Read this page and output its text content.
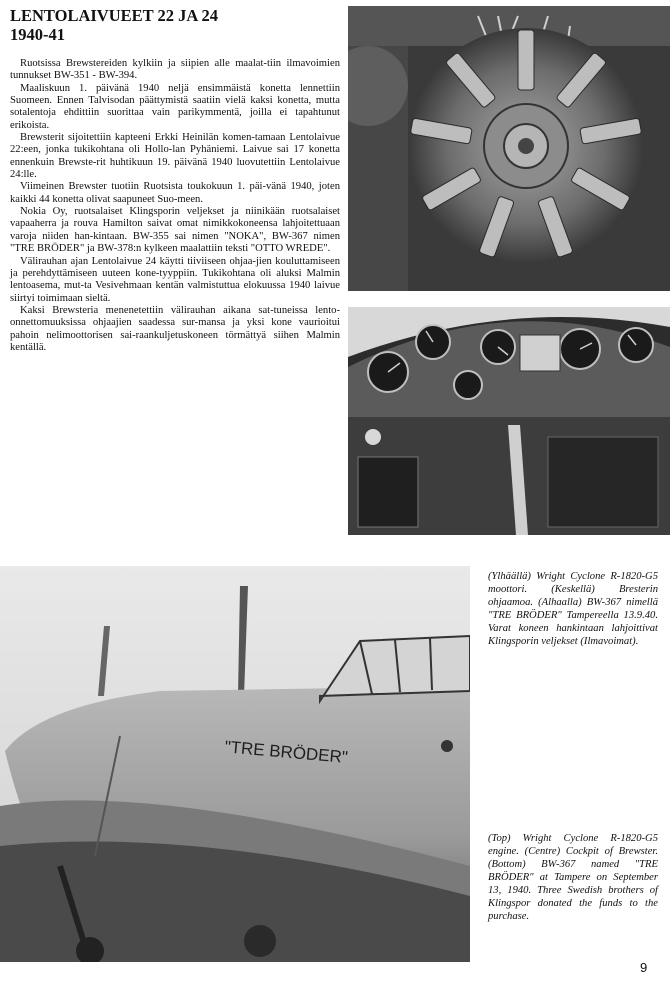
LENTOLAIVUEET 22 JA 24
1940-41

Ruotsissa Brewstereiden kylkiin ja siipien alle maalat-tiin ilmavoimien tunnukset BW-351 - BW-394.

Maaliskuun 1. päivänä 1940 neljä ensimmäistä konetta lennettiin Suomeen. Ennen Talvisodan päättymistä saatiin vielä kaksi konetta, mutta sotalentoja ehdittiin suorittaa vain parikymmentä, joilla ei tapahtunut erikoista.

Brewsterit sijoitettiin kapteeni Erkki Heinilän komen-tamaan Lentolaivue 22:een, jonka tukikohtana oli Hollo-lan Pyhäniemi. Laivue sai 17 konetta ennenkuin Brewste-rit huhtikuun 19. päivänä 1940 luovutettiin Lentolaivue 24:lle.

Viimeinen Brewster tuotiin Ruotsista toukokuun 1. päi-vänä 1940, joten kaikki 44 konetta olivat saapuneet Suo-meen.

Nokia Oy, ruotsalaiset Klingsporin veljekset ja niinikään ruotsalaiset vapaaherra ja rouva Hamilton saivat omat nimikkokoneensa lahjoitettuaan varoja niiden han-kintaan. BW-355 sai nimen "NOKA", BW-367 nimen "TRE BRÖDER" ja BW-378:n kylkeen maalattiin teksti "OTTO WREDE".

Välirauhan ajan Lentolaivue 24 käytti tiiviiseen ohjaa-jien kouluttamiseen ja perehdyttämiseen uuteen kone-tyyppiin. Tukikohtana oli aluksi Malmin lentoasema, mut-ta Vesivehmaan kentän valmistuttua elokuussa 1940 laivue siirtyi toimimaan sieltä.

Kaksi Brewsteria menenetettiin välirauhan aikana sat-tuneissa lento- onnettomuuksissa ohjaajien saadessa sur-mansa ja yksi kone vaurioitui pahoin nelimoottorisen sai-raankuljetuskoneen törmättyä siihen Malmin kentällä.

"TRE BRÖDER"

(Ylhäällä) Wright Cyclone R-1820-G5 moottori. (Keskellä) Bresterin ohjaamoa. (Alhaalla) BW-367 nimellä "TRE BRÖDER" Tampereella 13.9.40. Varat koneen hankintaan lahjoittivat Klingsporin veljekset (Ilmavoimat).

(Top) Wright Cyclone R-1820-G5 engine. (Centre) Cockpit of Brewster. (Bottom) BW-367 named "TRE BRÖDER" at Tampere on September 13, 1940. Three Swedish brothers of Klingspor donated the funds to the purchase.

9
